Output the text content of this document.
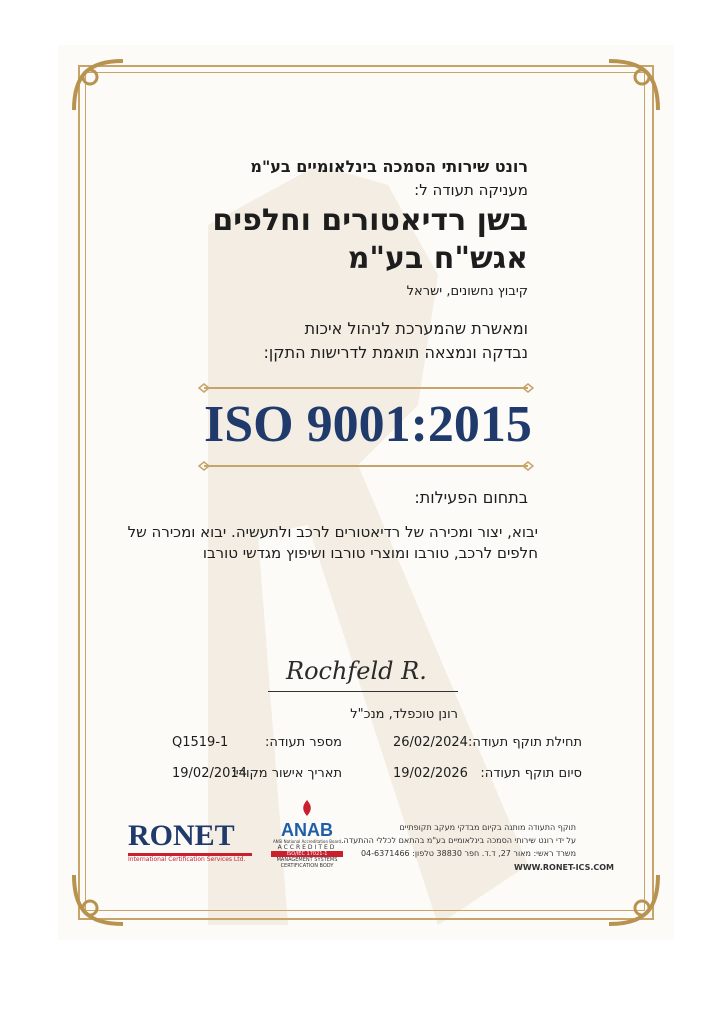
רונט שירותי הסמכה בינלאומיים בע"מ
מעניקה תעודה ל:
בשן רדיאטורים וחלפים
אגש"ח בע"מ
קיבוץ נחשונים, ישראל
ומאשרת שהמערכת לניהול איכות
נבדקה ונמצאה תואמת לדרישות התקן:
ISO 9001:2015
בתחום הפעילות:
יבוא, יצור ומכירה של רדיאטורים לרכב ולתעשיה. יבוא ומכירה של
חלפים לרכב, טורבו ומוצרי טורבו ושיפוץ מגדשי טורבו
Rochfeld R.
רונן טוכפלד, מנכ"ל
תחילת תוקף תעודה:
26/02/2024
מספר תעודה:
Q1519-1
סיום תוקף תעודה:
19/02/2026
תאריך אישור מקורי:
19/02/2014
RONET
International Certification Services Ltd.
ANAB
ANSI National Accreditation Board
ACCREDITED
ISO/IEC 17021-1
MANAGEMENT SYSTEMS
CERTIFICATION BODY
תוקף התעודה מותנה בקיום מבדקי מעקב תקופתיים
על ידי רונט שירותי הסמכה בינלאומיים בע"מ בהתאם לכללי ההתעדה.
משרד ראשי: מאור 27, ד.ד. חפר 38830 טלפון: 04-6371466
WWW.RONET-ICS.COM
